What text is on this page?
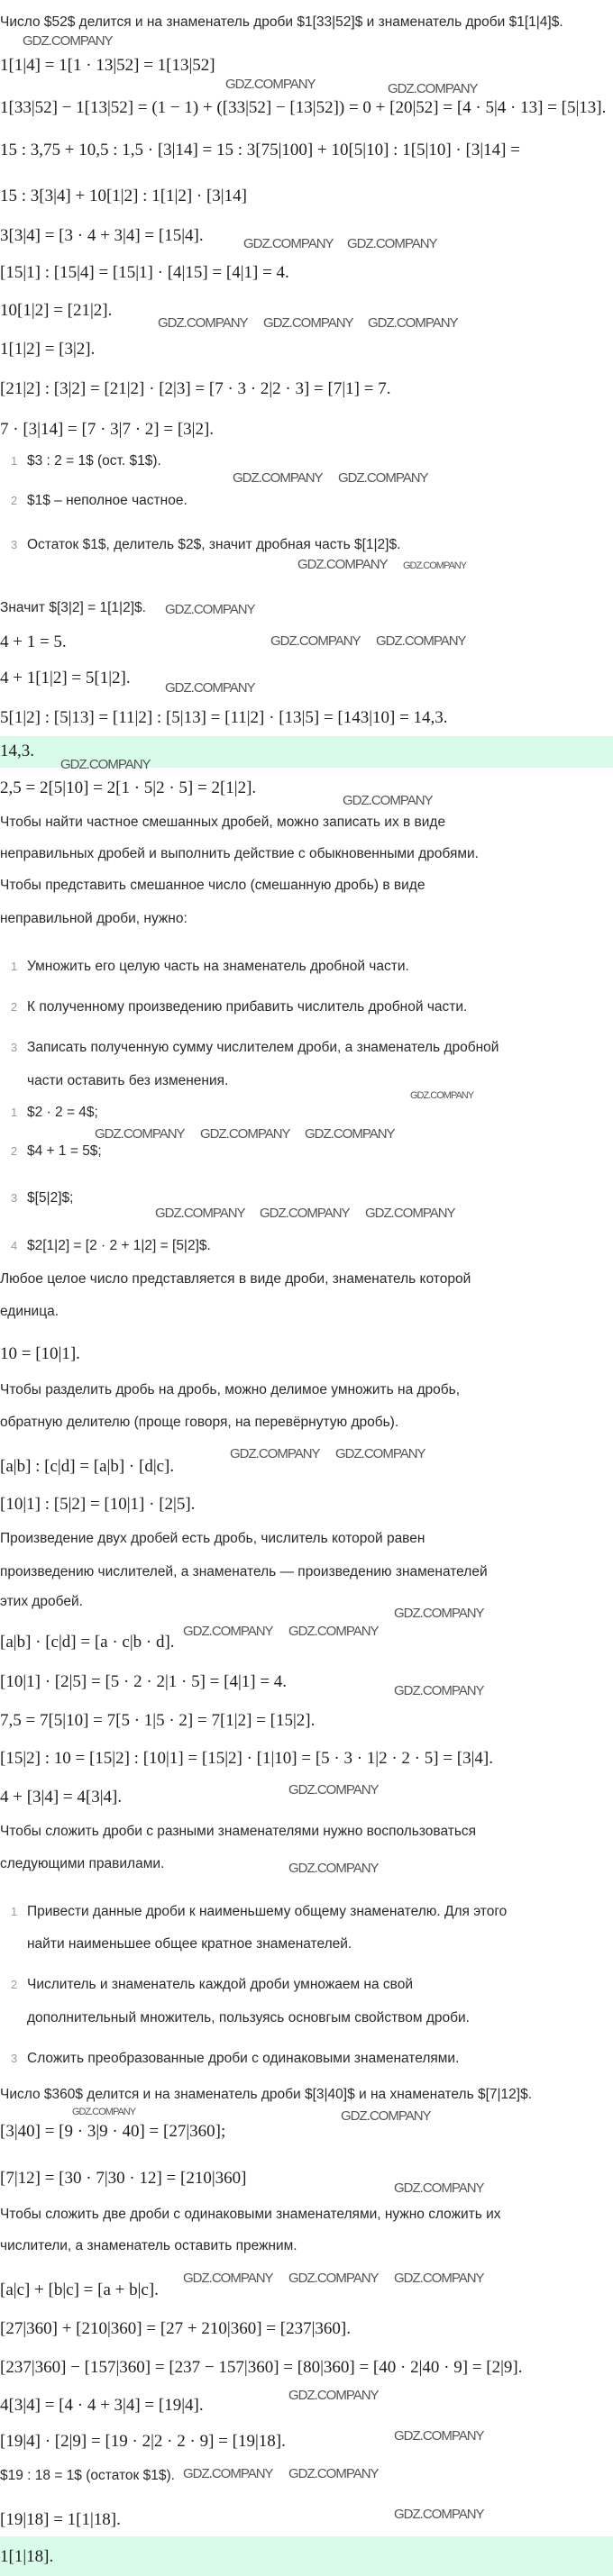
Число $52$ делится и на знаменатель дроби $1[33|52]$ и знаменатель дроби $1[1|4]$.
1[1|4] = 1[1 · 13|52] = 1[13|52]
1[33|52] − 1[13|52] = (1 − 1) + ([33|52] − [13|52]) = 0 + [20|52] = [4 · 5|4 · 13] = [5|13].
15 : 3,75 + 10,5 : 1,5 · [3|14] = 15 : 3[75|100] + 10[5|10] : 1[5|10] · [3|14] =
15 : 3[3|4] + 10[1|2] : 1[1|2] · [3|14]
3[3|4] = [3 · 4 + 3|4] = [15|4].
[15|1] : [15|4] = [15|1] · [4|15] = [4|1] = 4.
10[1|2] = [21|2].
1[1|2] = [3|2].
[21|2] : [3|2] = [21|2] · [2|3] = [7 · 3 · 2|2 · 3] = [7|1] = 7.
7 · [3|14] = [7 · 3|7 · 2] = [3|2].
$3 : 2 = 1$ (ост. $1$).
1
$1$ – неполное частное.
2
Остаток $1$, делитель $2$, значит дробная часть $[1|2]$.
3
Значит $[3|2] = 1[1|2]$.
4 + 1 = 5.
4 + 1[1|2] = 5[1|2].
5[1|2] : [5|13] = [11|2] : [5|13] = [11|2] · [13|5] = [143|10] = 14,3.
14,3.
2,5 = 2[5|10] = 2[1 · 5|2 · 5] = 2[1|2].
Чтобы найти частное смешанных дробей, можно записать их в виде
неправильных дробей и выполнить действие с обыкновенными дробями.
Чтобы представить смешанное число (смешанную дробь) в виде
неправильной дроби, нужно:
Умножить его целую часть на знаменатель дробной части.
1
К полученному произведению прибавить числитель дробной части.
2
Записать полученную сумму числителем дроби, а знаменатель дробной
3
части оставить без изменения.
$2 · 2 = 4$;
1
$4 + 1 = 5$;
2
$[5|2]$;
3
$2[1|2] = [2 · 2 + 1|2] = [5|2]$.
4
Любое целое число представляется в виде дроби, знаменатель которой
единица.
10 = [10|1].
Чтобы разделить дробь на дробь, можно делимое умножить на дробь,
обратную делителю (проще говоря, на перевёрнутую дробь).
[a|b] : [c|d] = [a|b] · [d|c].
[10|1] : [5|2] = [10|1] · [2|5].
Произведение двух дробей есть дробь, числитель которой равен
произведению числителей, а знаменатель — произведению знаменателей
этих дробей.
[a|b] · [c|d] = [a · c|b · d].
[10|1] · [2|5] = [5 · 2 · 2|1 · 5] = [4|1] = 4.
7,5 = 7[5|10] = 7[5 · 1|5 · 2] = 7[1|2] = [15|2].
[15|2] : 10 = [15|2] : [10|1] = [15|2] · [1|10] = [5 · 3 · 1|2 · 2 · 5] = [3|4].
4 + [3|4] = 4[3|4].
Чтобы сложить дроби с разными знаменателями нужно воспользоваться
следующими правилами.
Привести данные дроби к наименьшему общему знаменателю. Для этого
1
найти наименьшее общее кратное знаменателей.
Числитель и знаменатель каждой дроби умножаем на свой
2
дополнительный множитель, пользуясь основгым свойством дроби.
Сложить преобразованные дроби с одинаковыми знаменателями.
3
Число $360$ делится и на знаменатель дроби $[3|40]$ и на хнаменатель $[7|12]$.
[3|40] = [9 · 3|9 · 40] = [27|360];
[7|12] = [30 · 7|30 · 12] = [210|360]
Чтобы сложить две дроби с одинаковыми знаменателями, нужно сложить их
числители, а знаменатель оставить прежним.
[a|c] + [b|c] = [a + b|c].
[27|360] + [210|360] = [27 + 210|360] = [237|360].
[237|360] − [157|360] = [237 − 157|360] = [80|360] = [40 · 2|40 · 9] = [2|9].
4[3|4] = [4 · 4 + 3|4] = [19|4].
[19|4] · [2|9] = [19 · 2|2 · 2 · 9] = [19|18].
$19 : 18 = 1$ (остаток $1$).
[19|18] = 1[1|18].
1[1|18].
GDZ.COMPANY
GDZ.COMPANY	GDZ.COMPANY
GDZ.COMPANY GDZ.COMPANY
GDZ.COMPANY GDZ.COMPANY GDZ.COMPANY
GDZ.COMPANY GDZ.COMPANY
GDZ.COMPANY
GDZ.COMPANY
GDZ.COMPANY GDZ.COMPANY
GDZ.COMPANY
GDZ.COMPANY
GDZ.COMPANY
GDZ.COMPANY GDZ.COMPANY GDZ.COMPANY
GDZ.COMPANY GDZ.COMPANY GDZ.COMPANY
GDZ.COMPANY GDZ.COMPANY
GDZ.COMPANY
GDZ.COMPANY GDZ.COMPANY
GDZ.COMPANY
GDZ.COMPANY
GDZ.COMPANY
GDZ.COMPANY
GDZ.COMPANY
GDZ.COMPANY GDZ.COMPANY GDZ.COMPANY
GDZ.COMPANY
GDZ.COMPANY
GDZ.COMPANY GDZ.COMPANY
GDZ.COMPANY
GDZ.COMPANY
GDZ.COMPANY
GDZ.COMPANY
